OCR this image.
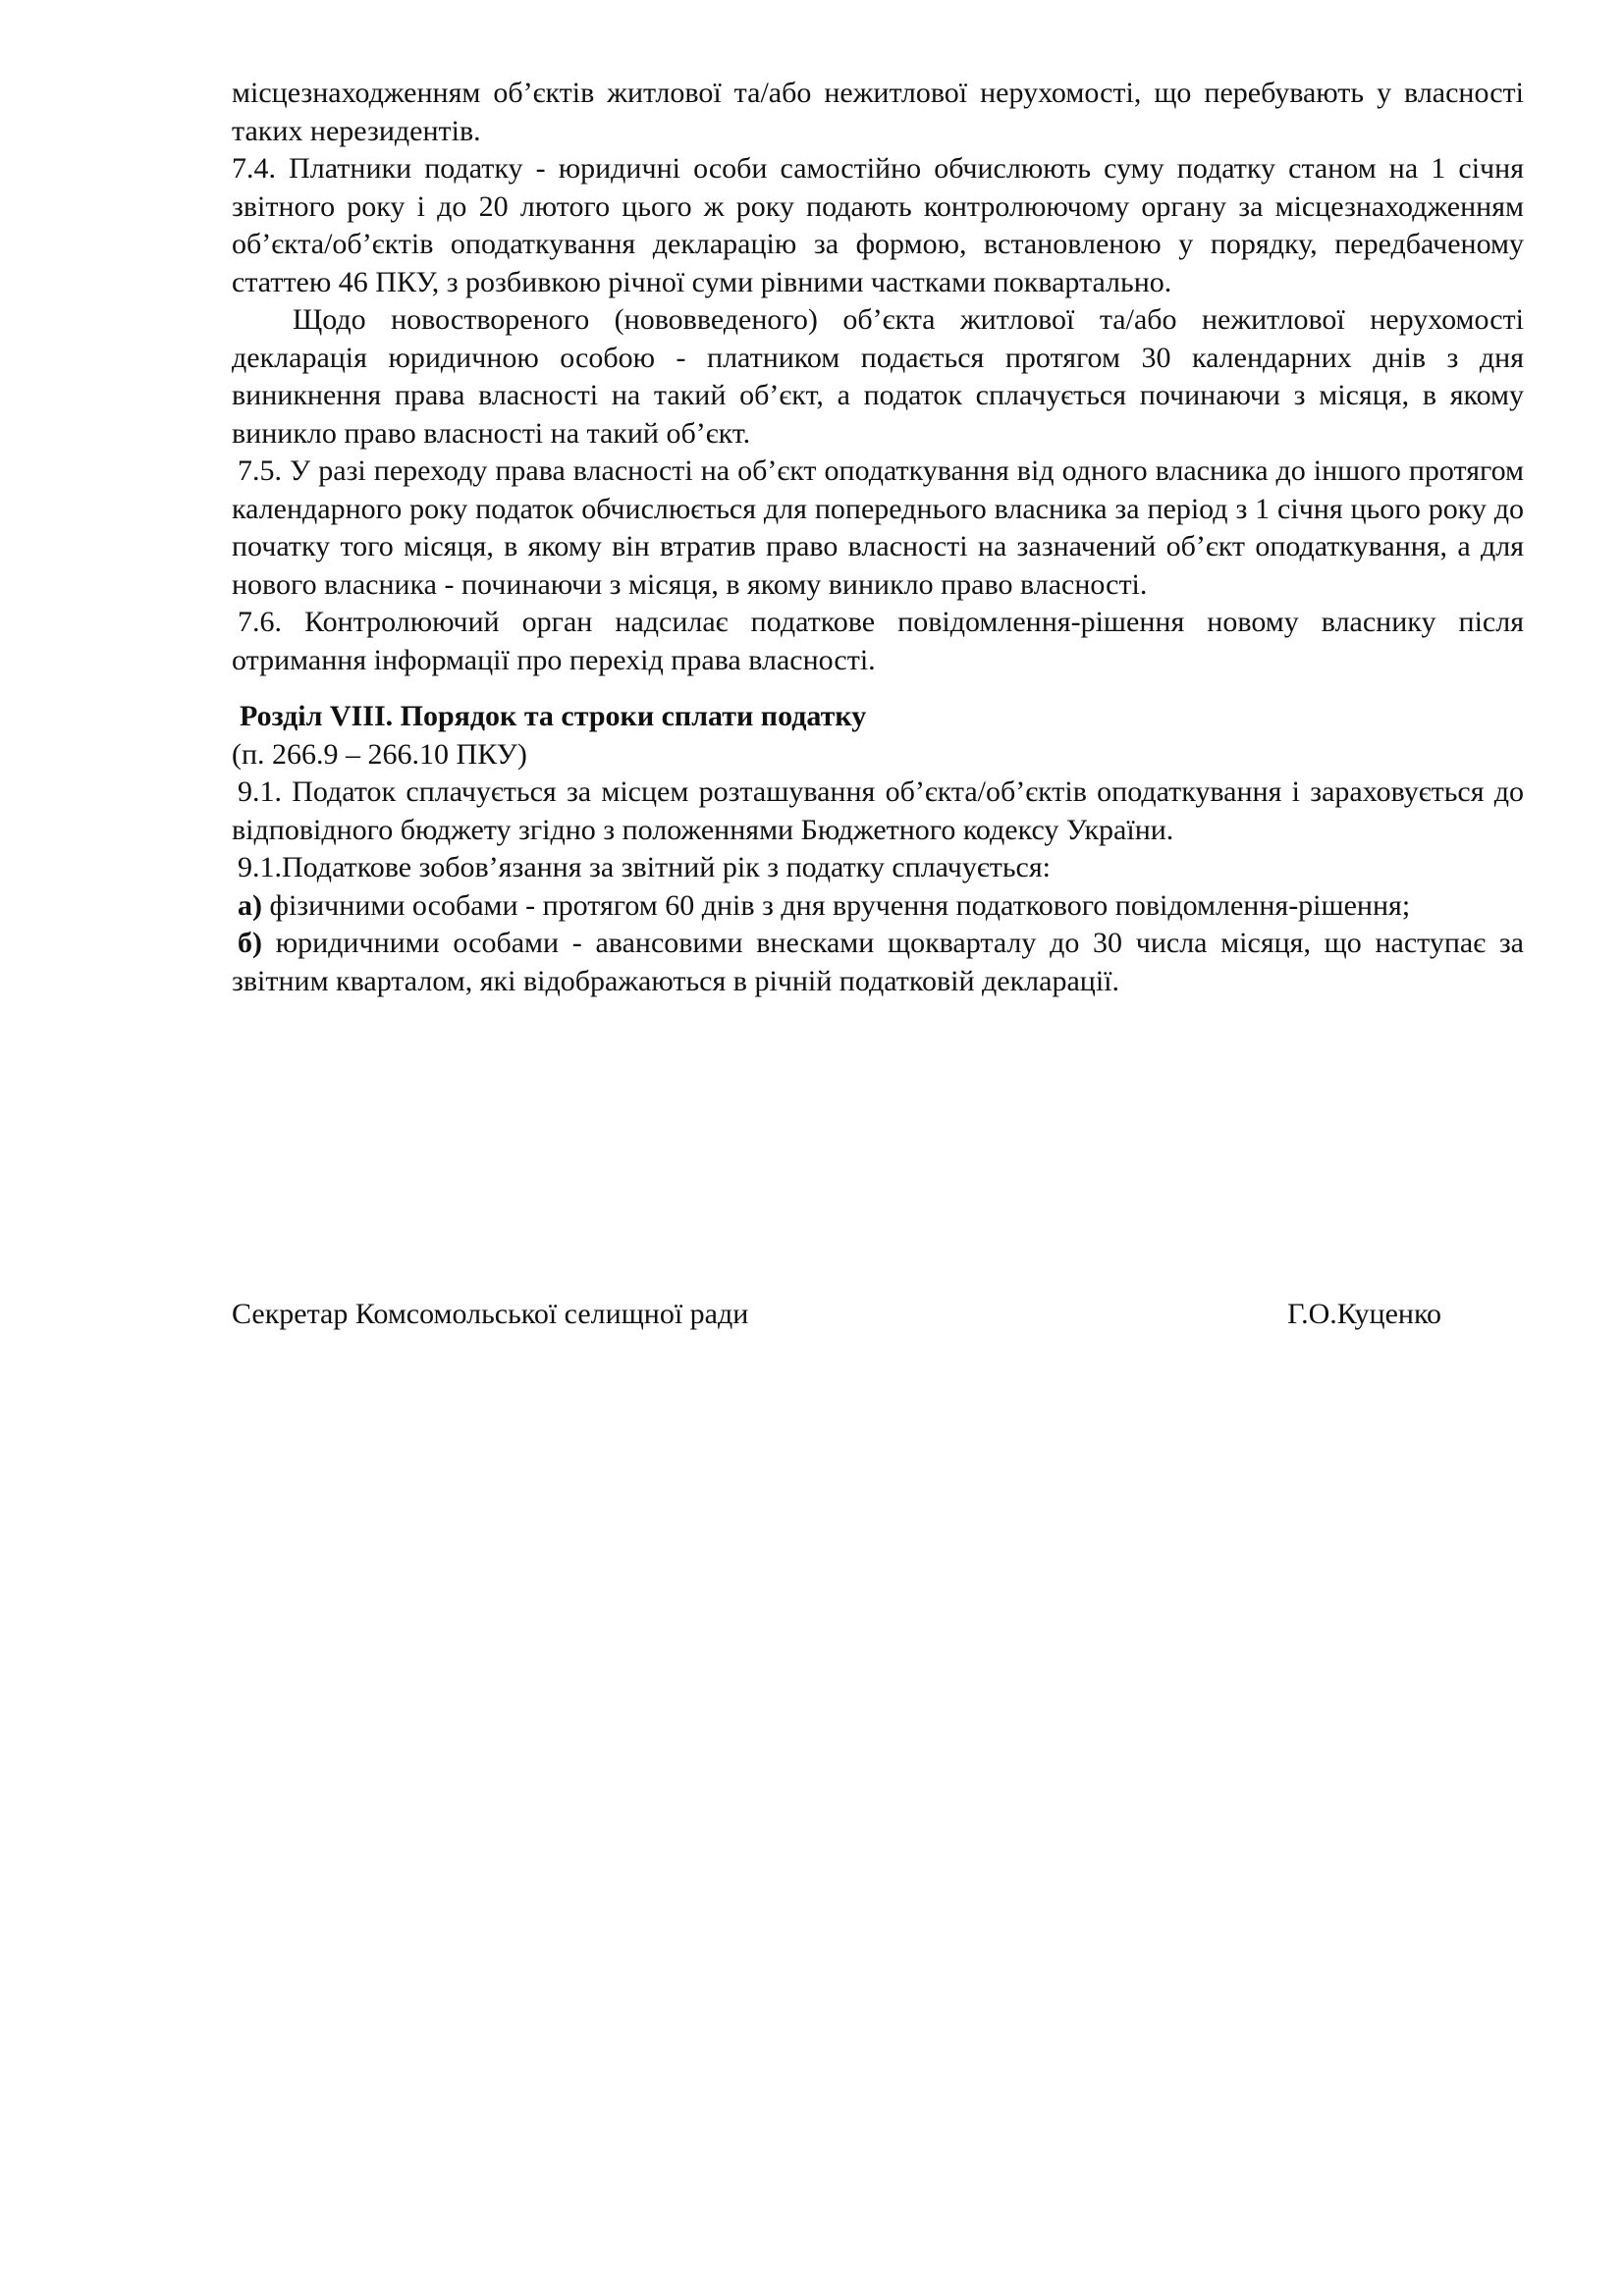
місцезнаходженням об’єктів житлової та/або нежитлової нерухомості, що перебувають у власності таких нерезидентів.

7.4. Платники податку - юридичні особи самостійно обчислюють суму податку станом на 1 січня звітного року і до 20 лютого цього ж року подають контролюючому органу за місцезнаходженням об’єкта/об’єктів оподаткування декларацію за формою, встановленою у порядку, передбаченому статтею 46 ПКУ, з розбивкою річної суми рівними частками поквартально.

Щодо новоствореного (нововведеного) об’єкта житлової та/або нежитлової нерухомості декларація юридичною особою - платником подається протягом 30 календарних днів з дня виникнення права власності на такий об’єкт, а податок сплачується починаючи з місяця, в якому виникло право власності на такий об’єкт.

7.5. У разі переходу права власності на об’єкт оподаткування від одного власника до іншого протягом календарного року податок обчислюється для попереднього власника за період з 1 січня цього року до початку того місяця, в якому він втратив право власності на зазначений об’єкт оподаткування, а для нового власника - починаючи з місяця, в якому виникло право власності.

7.6. Контролюючий орган надсилає податкове повідомлення-рішення новому власнику після отримання інформації про перехід права власності.

Розділ VIII. Порядок та строки сплати податку

(п. 266.9 – 266.10 ПКУ)

9.1. Податок сплачується за місцем розташування об’єкта/об’єктів оподаткування і зараховується до відповідного бюджету згідно з положеннями Бюджетного кодексу України.

9.1.Податкове зобов’язання за звітний рік з податку сплачується:

а) фізичними особами - протягом 60 днів з дня вручення податкового повідомлення-рішення;

б) юридичними особами - авансовими внесками щокварталу до 30 числа місяця, що наступає за звітним кварталом, які відображаються в річній податковій декларації.

Секретар Комсомольської селищної ради	Г.О.Куценко
